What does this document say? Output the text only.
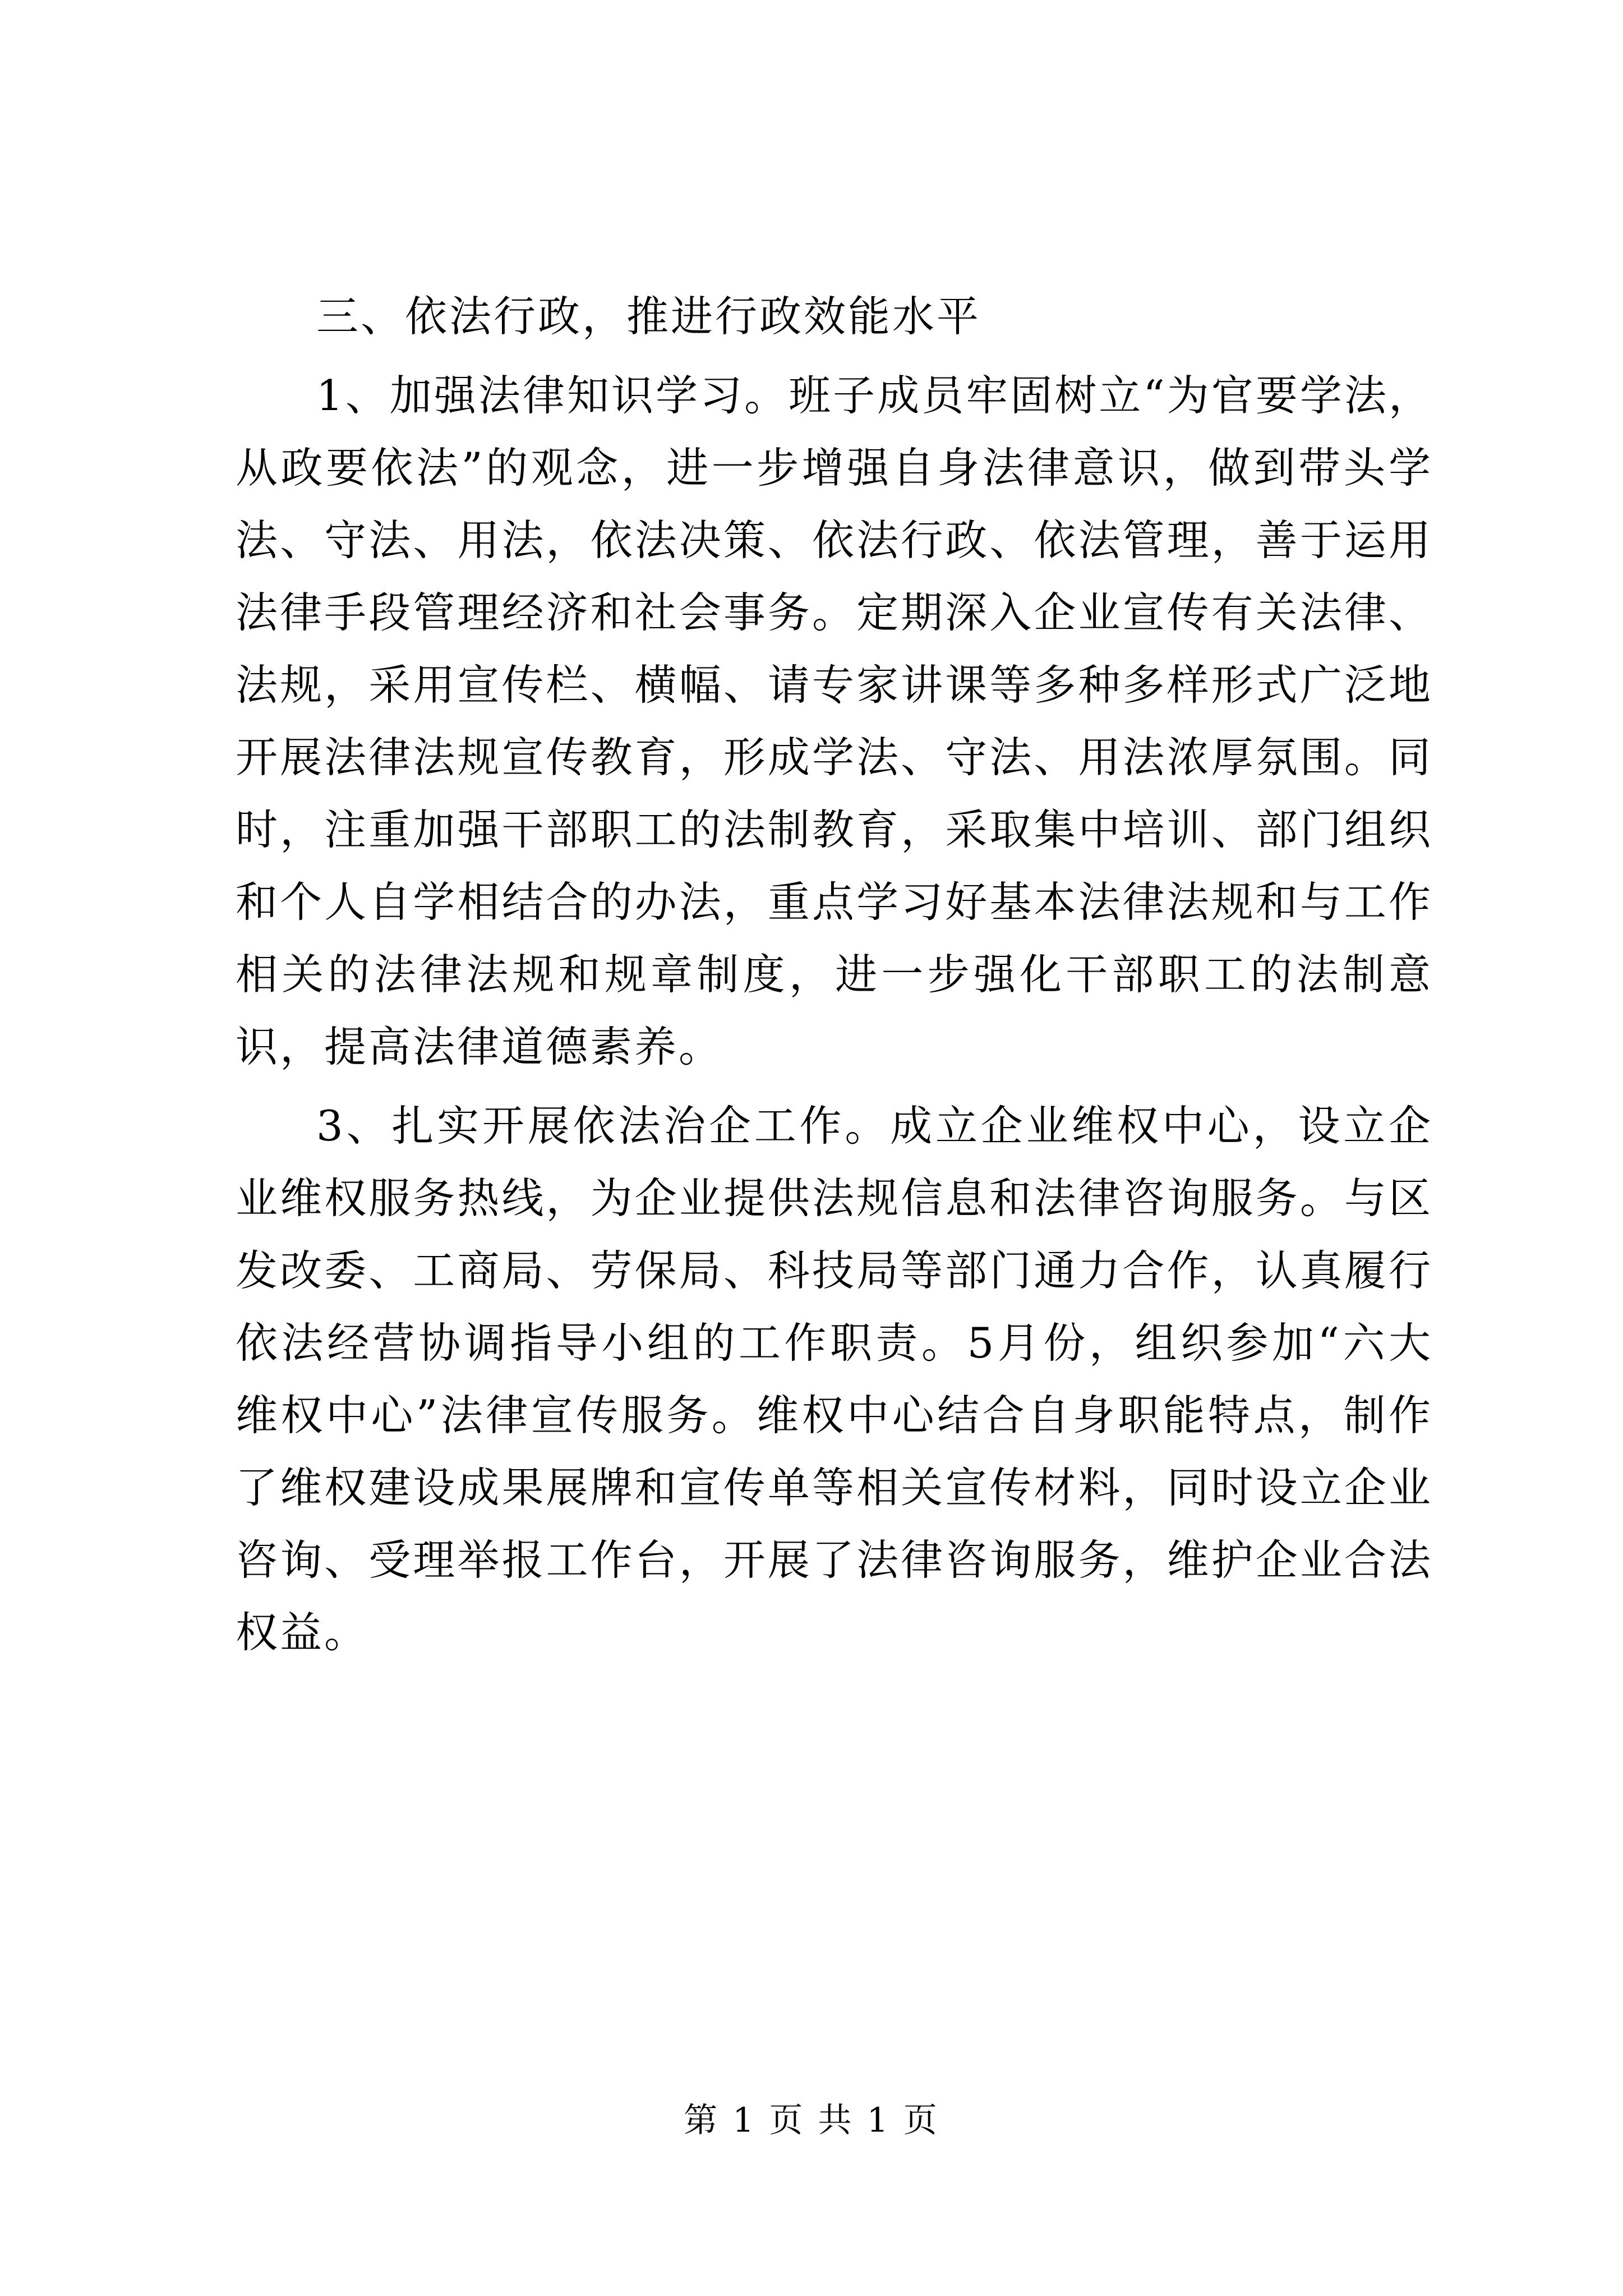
三、依法行政，推进行政效能水平

1、加强法律知识学习。班子成员牢固树立“为官要学法，从政要依法”的观念，进一步增强自身法律意识，做到带头学法、守法、用法，依法决策、依法行政、依法管理，善于运用法律手段管理经济和社会事务。定期深入企业宣传有关法律、法规，采用宣传栏、横幅、请专家讲课等多种多样形式广泛地开展法律法规宣传教育，形成学法、守法、用法浓厚氛围。同时，注重加强干部职工的法制教育，采取集中培训、部门组织和个人自学相结合的办法，重点学习好基本法律法规和与工作相关的法律法规和规章制度，进一步强化干部职工的法制意识，提高法律道德素养。

3、扎实开展依法治企工作。成立企业维权中心，设立企业维权服务热线，为企业提供法规信息和法律咨询服务。与区发改委、工商局、劳保局、科技局等部门通力合作，认真履行依法经营协调指导小组的工作职责。5月份，组织参加“六大维权中心”法律宣传服务。维权中心结合自身职能特点，制作了维权建设成果展牌和宣传单等相关宣传材料，同时设立企业咨询、受理举报工作台，开展了法律咨询服务，维护企业合法权益。

第 1 页 共 1 页
